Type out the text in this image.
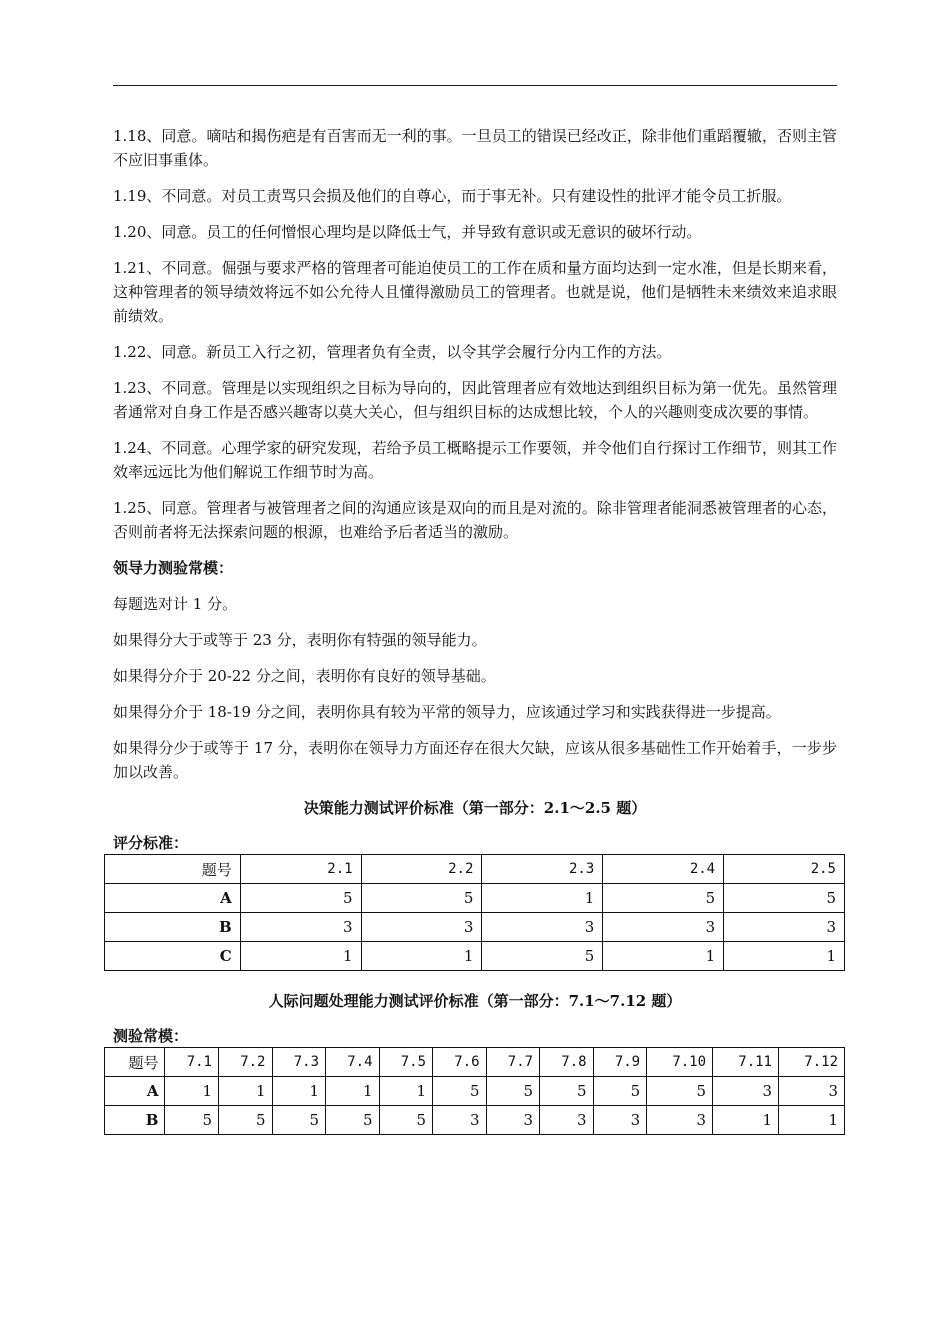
1.18、同意。嘀咕和揭伤疤是有百害而无一利的事。一旦员工的错误已经改正，除非他们重蹈覆辙，否则主管不应旧事重体。

1.19、不同意。对员工责骂只会损及他们的自尊心，而于事无补。只有建设性的批评才能令员工折服。

1.20、同意。员工的任何憎恨心理均是以降低士气，并导致有意识或无意识的破坏行动。

1.21、不同意。倔强与要求严格的管理者可能迫使员工的工作在质和量方面均达到一定水准，但是长期来看，这种管理者的领导绩效将远不如公允待人且懂得激励员工的管理者。也就是说，他们是牺牲未来绩效来追求眼前绩效。

1.22、同意。新员工入行之初，管理者负有全责，以令其学会履行分内工作的方法。

1.23、不同意。管理是以实现组织之目标为导向的，因此管理者应有效地达到组织目标为第一优先。虽然管理者通常对自身工作是否感兴趣寄以莫大关心，但与组织目标的达成想比较，个人的兴趣则变成次要的事情。

1.24、不同意。心理学家的研究发现，若给予员工概略提示工作要领，并令他们自行探讨工作细节，则其工作效率远远比为他们解说工作细节时为高。

1.25、同意。管理者与被管理者之间的沟通应该是双向的而且是对流的。除非管理者能洞悉被管理者的心态，否则前者将无法探索问题的根源，也难给予后者适当的激励。

领导力测验常模：

每题选对计 1 分。

如果得分大于或等于 23 分，表明你有特强的领导能力。

如果得分介于 20-22 分之间，表明你有良好的领导基础。

如果得分介于 18-19 分之间，表明你具有较为平常的领导力，应该通过学习和实践获得进一步提高。

如果得分少于或等于 17 分，表明你在领导力方面还存在很大欠缺，应该从很多基础性工作开始着手，一步步加以改善。

决策能力测试评价标准（第一部分：2.1～2.5 题）
评分标准：
题号	2.1	2.2	2.3	2.4	2.5
A	5	5	1	5	5
B	3	3	3	3	3
C	1	1	5	1	1
人际问题处理能力测试评价标准（第一部分：7.1～7.12 题）
测验常模：
题号	7.1	7.2	7.3	7.4	7.5	7.6	7.7	7.8	7.9	7.10	7.11	7.12
A	1	1	1	1	1	5	5	5	5	5	3	3
B	5	5	5	5	5	3	3	3	3	3	1	1
